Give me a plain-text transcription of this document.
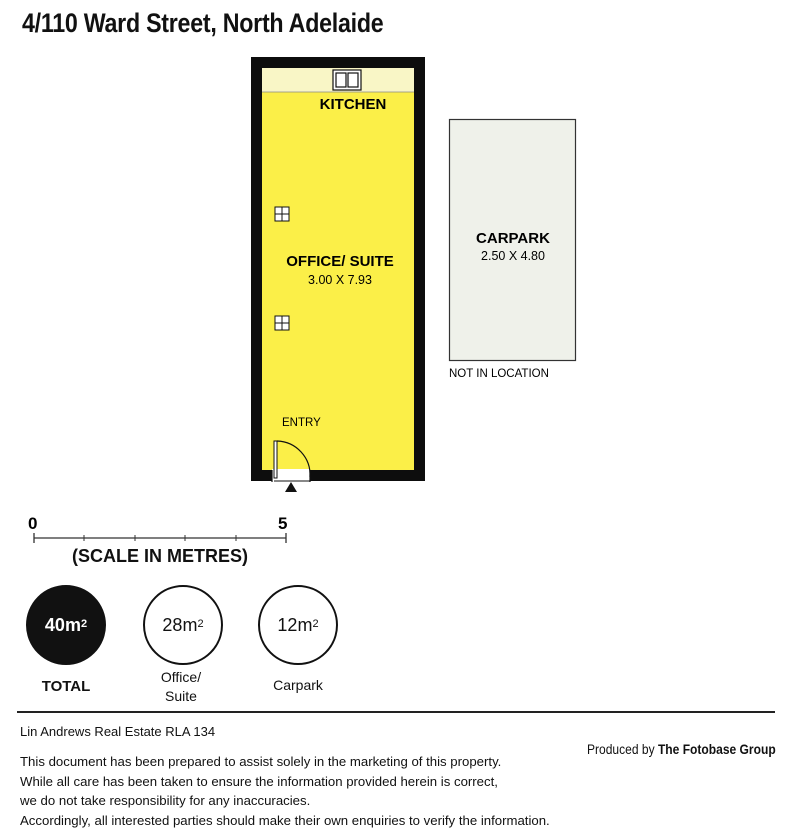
4/110 Ward Street, North Adelaide
KITCHEN
OFFICE/ SUITE
3.00 X 7.93
ENTRY
CARPARK
2.50 X 4.80
NOT IN LOCATION
0	5
(SCALE IN METRES)
$40m^2$
TOTAL
$28m^2$
Office/ Suite
$12m^2$
Carpark
Lin Andrews Real Estate RLA 134
Produced by The Fotobase Group
This document has been prepared to assist solely in the marketing of this property.
While all care has been taken to ensure the information provided herein is correct,
we do not take responsibility for any inaccuracies.
Accordingly, all interested parties should make their own enquiries to verify the information.
